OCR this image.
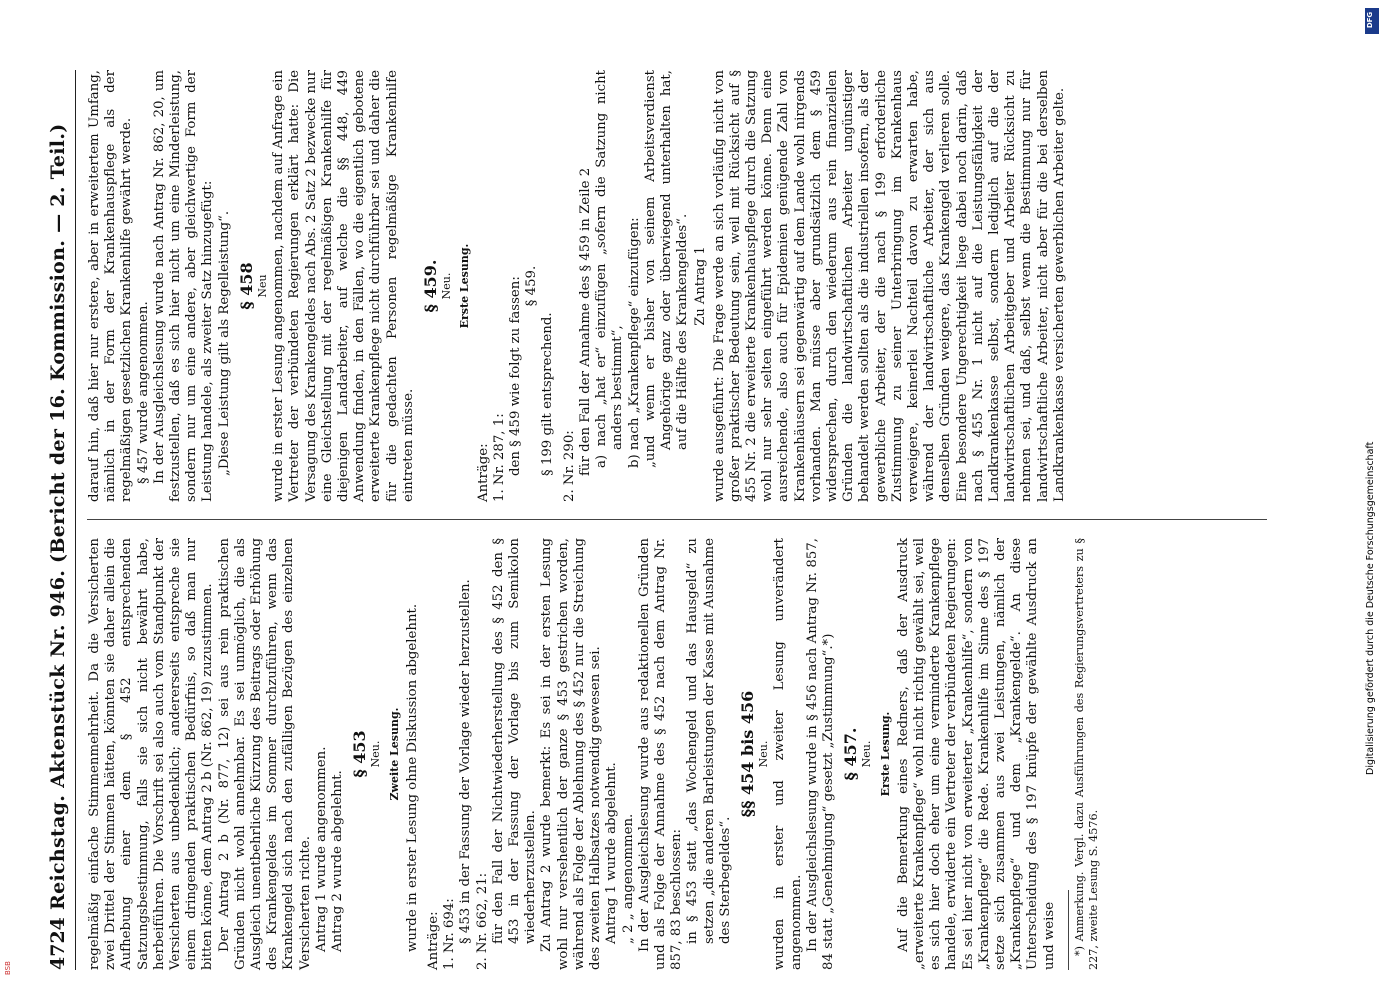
4724
Reichstag. Aktenstück Nr. 946. (Bericht der 16. Kommission. — 2. Teil.) regelmäßig einfache Stimmenmehrheit. Da die Versicherten zwei Drittel der Stimmen hätten, könnten sie daher allein die Aufhebung einer dem § 452 entsprechenden Satzungsbestimmung, falls sie sich nicht bewährt habe, herbeiführen. Die Vorschrift sei also auch vom Standpunkt der Versicherten aus unbedenklich; andererseits entspreche sie einem dringenden praktischen Bedürfnis, so daß man nur bitten könne, dem Antrag 2 b (Nr. 862, 19) zuzustimmen. Der Antrag 2 b (Nr. 877, 12) sei aus rein praktischen Gründen nicht wohl annehmbar. Es sei unmöglich, die als Ausgleich unentbehrliche Kürzung des Beitrags oder Erhöhung des Krankengeldes im Sommer durchzuführen, wenn das Krankengeld sich nach den zufälligen Bezügen des einzelnen Versicherten richte. Antrag 1 wurde angenommen. Antrag 2 wurde abgelehnt.

§ 453 Neu. Zweite Lesung. wurde in erster Lesung ohne Diskussion abgelehnt. Anträge: 1. Nr. 694: § 453 in der Fassung der Vorlage wieder herzustellen. 2. Nr. 662, 21: für den Fall der Nichtwiederherstellung des § 452 den § 453 in der Fassung der Vorlage bis zum Semikolon wiederherzustellen. Zu Antrag 2 wurde bemerkt: Es sei in der ersten Lesung wohl nur versehentlich der ganze § 453 gestrichen worden, während als Folge der Ablehnung des § 452 nur die Streichung des zweiten Halbsatzes notwendig gewesen sei. Antrag 1 wurde abgelehnt. „ 2 „ angenommen. In der Ausgleichslesung wurde aus redaktionellen Gründen und als Folge der Annahme des § 452 nach dem Antrag Nr. 857, 83 beschlossen: in § 453 statt „das Wochengeld und das Hausgeld“ zu setzen „die anderen Barleistungen der Kasse mit Ausnahme des Sterbegeldes“.

§§ 454 bis 456 Neu. wurden in erster und zweiter Lesung unverändert angenommen. In der Ausgleichslesung wurde in § 456 nach Antrag Nr. 857, 84 statt „Genehmigung“ gesetzt „Zustimmung“.*) § 457. Neu. Erste Lesung. Auf die Bemerkung eines Redners, daß der Ausdruck „erweiterte Krankenpflege“ wohl nicht richtig gewählt sei, weil es sich hier doch eher um eine verminderte Krankenpflege handele, erwiderte ein Vertreter der verbündeten Regierungen: Es sei hier nicht von erweiterter „Krankenhilfe“, sondern von „Krankenpflege“ die Rede. Krankenhilfe im Sinne des § 197 setze sich zusammen aus zwei Leistungen, nämlich der „Krankenpflege“ und dem „Krankengelde“. An diese Unterscheidung des § 197 knüpfe der gewählte Ausdruck an und weise *) Anmerkung. Vergl. dazu Ausführungen des Regierungsvertreters zu § 227, zweite Lesung S. 4576.

darauf hin, daß hier nur erstere, aber in erweitertem Umfang, nämlich in der Form der Krankenhauspflege als der regelmäßigen gesetzlichen Krankenhilfe gewährt werde. § 457 wurde angenommen. In der Ausgleichslesung wurde nach Antrag Nr. 862, 20, um festzustellen, daß es sich hier nicht um eine Minderleistung, sondern nur um eine andere, aber gleichwertige Form der Leistung handele, als zweiter Satz hinzugefügt: „Diese Leistung gilt als Regelleistung“. § 458 Neu wurde in erster Lesung angenommen, nachdem auf Anfrage ein Vertreter der verbündeten Regierungen erklärt hatte: Die Versagung des Krankengeldes nach Abs. 2 Satz 2 bezwecke nur eine Gleichstellung mit der regelmäßigen Krankenhilfe für diejenigen Landarbeiter, auf welche die §§ 448, 449 Anwendung finden, in den Fällen, wo die eigentlich gebotene erweiterte Krankenpflege nicht durchführbar sei und daher die für die gedachten Personen regelmäßige Krankenhilfe eintreten müsse.

§ 459. Neu. Erste Lesung.

Anträge: 1. Nr. 287, 1: den § 459 wie folgt zu fassen: § 459.

§ 199 gilt entsprechend. 2. Nr. 290: für den Fall der Annahme des § 459 in Zeile 2 a) nach „hat er“ einzufügen „sofern die Satzung nicht anders bestimmt“, b) nach „Krankenpflege“ einzufügen: „und wenn er bisher von seinem Arbeitsverdienst Angehörige ganz oder überwiegend unterhalten hat, auf die Hälfte des Krankengeldes“. Zu Antrag 1 wurde ausgeführt: Die Frage werde an sich vorläufig nicht von großer praktischer Bedeutung sein, weil mit Rücksicht auf § 455 Nr. 2 die erweiterte Krankenhauspflege durch die Satzung wohl nur sehr selten eingeführt werden könne. Denn eine ausreichende, also auch für Epidemien genügende Zahl von Krankenhäusern sei gegenwärtig auf dem Lande wohl nirgends vorhanden. Man müsse aber grundsätzlich dem § 459 widersprechen, durch den wiederum aus rein finanziellen Gründen die landwirtschaftlichen Arbeiter ungünstiger behandelt werden sollten als die industriellen insofern, als der gewerbliche Arbeiter, der die nach § 199 erforderliche Zustimmung zu seiner Unterbringung im Krankenhaus verweigere, keinerlei Nachteil davon zu erwarten habe, während der landwirtschaftliche Arbeiter, der sich aus denselben Gründen weigere, das Krankengeld verlieren solle. Eine besondere Ungerechtigkeit liege dabei noch darin, daß nach § 455 Nr. 1 nicht auf die Leistungsfähigkeit der Landkrankenkasse selbst, sondern lediglich auf die der landwirtschaftlichen Arbeitgeber und Arbeiter Rücksicht zu nehmen sei, und daß, selbst wenn die Bestimmung nur für landwirtschaftliche Arbeiter, nicht aber für die bei derselben Landkrankenkasse versicherten gewerblichen Arbeiter gelte.

Digitalisierung gefördert durch die Deutsche Forschungsgemeinschaft
DFG
BSB
